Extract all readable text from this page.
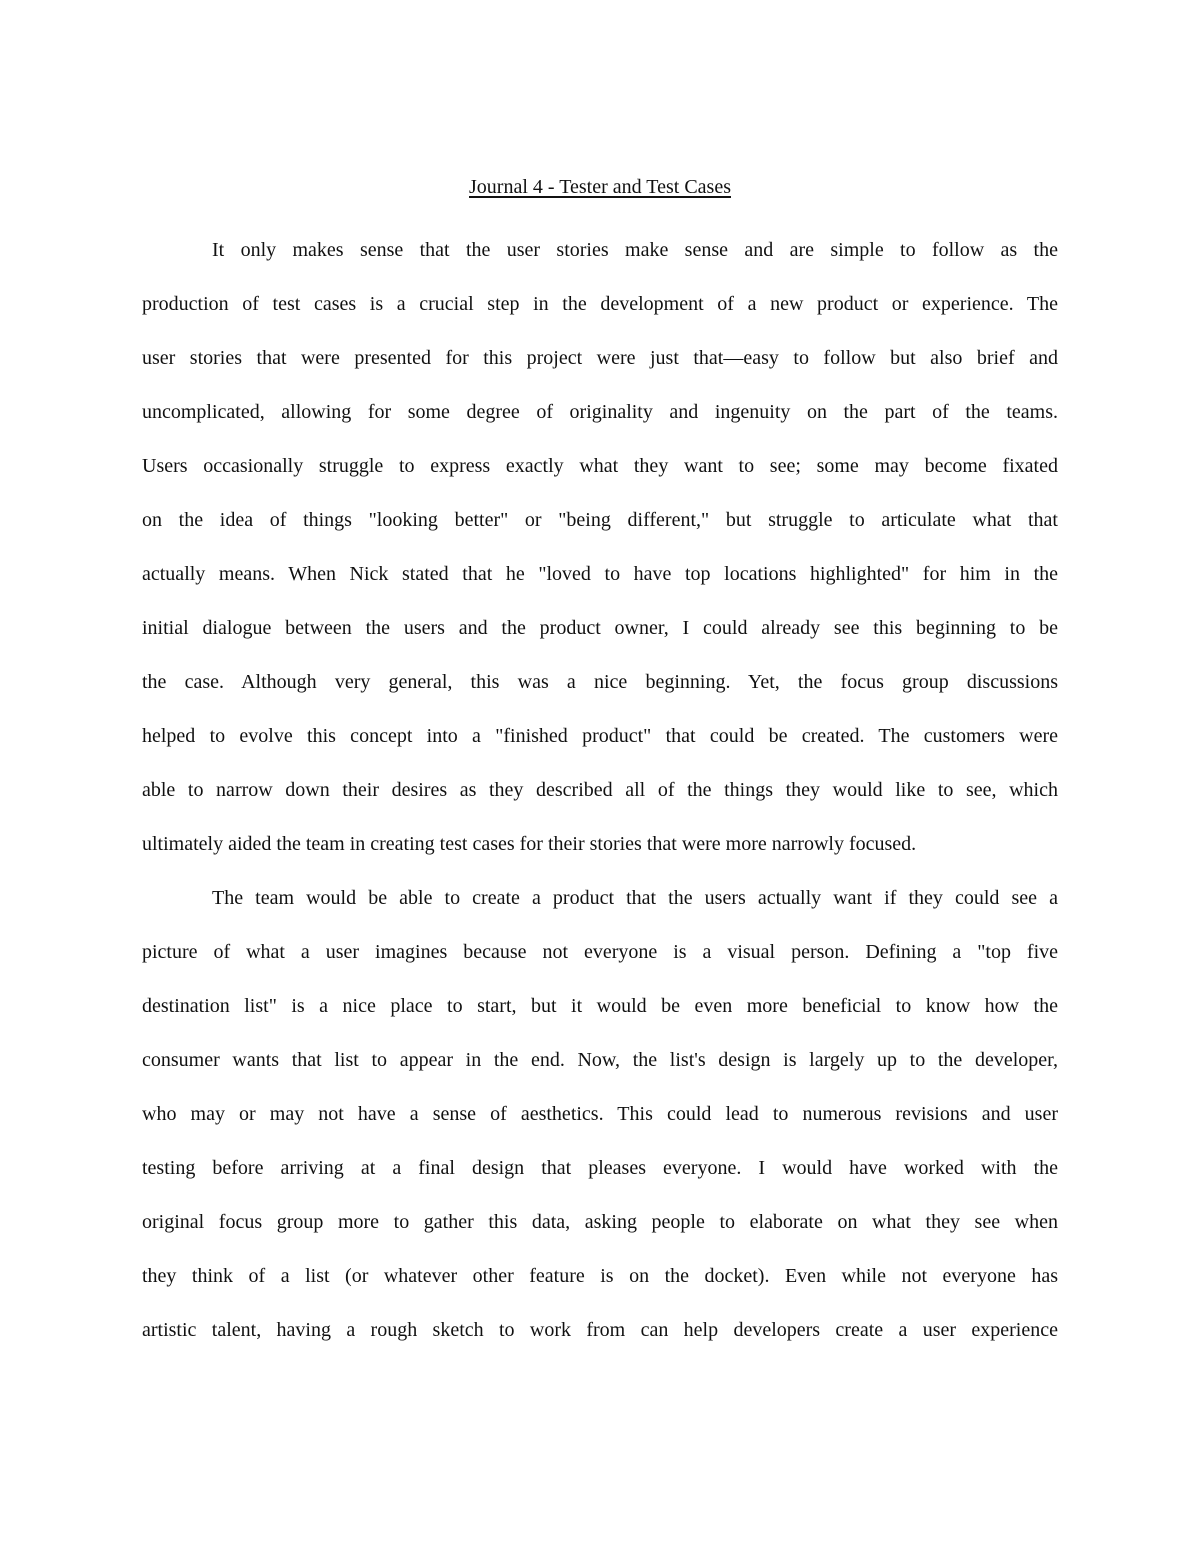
Journal 4 - Tester and Test Cases
It only makes sense that the user stories make sense and are simple to follow as the
production of test cases is a crucial step in the development of a new product or experience. The
user stories that were presented for this project were just that—easy to follow but also brief and
uncomplicated, allowing for some degree of originality and ingenuity on the part of the teams.
Users occasionally struggle to express exactly what they want to see; some may become fixated
on the idea of things "looking better" or "being different," but struggle to articulate what that
actually means. When Nick stated that he "loved to have top locations highlighted" for him in the
initial dialogue between the users and the product owner, I could already see this beginning to be
the case. Although very general, this was a nice beginning. Yet, the focus group discussions
helped to evolve this concept into a "finished product" that could be created. The customers were
able to narrow down their desires as they described all of the things they would like to see, which
ultimately aided the team in creating test cases for their stories that were more narrowly focused.
The team would be able to create a product that the users actually want if they could see a
picture of what a user imagines because not everyone is a visual person. Defining a "top five
destination list" is a nice place to start, but it would be even more beneficial to know how the
consumer wants that list to appear in the end. Now, the list's design is largely up to the developer,
who may or may not have a sense of aesthetics. This could lead to numerous revisions and user
testing before arriving at a final design that pleases everyone. I would have worked with the
original focus group more to gather this data, asking people to elaborate on what they see when
they think of a list (or whatever other feature is on the docket). Even while not everyone has
artistic talent, having a rough sketch to work from can help developers create a user experience
